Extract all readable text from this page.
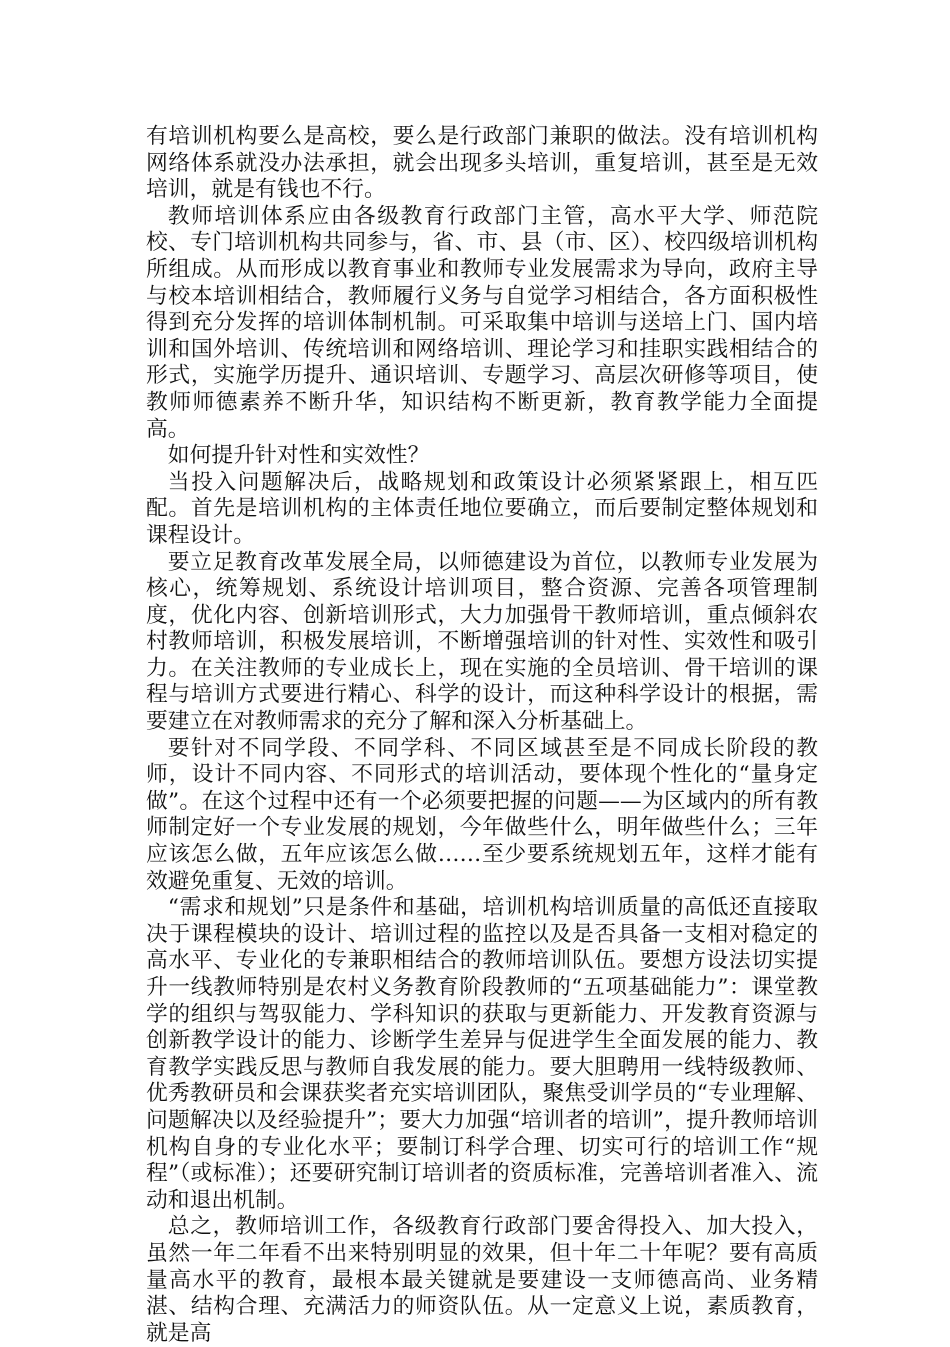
有培训机构要么是高校，要么是行政部门兼职的做法。没有培训机构网络体系就没办法承担，就会出现多头培训，重复培训，甚至是无效培训，就是有钱也不行。

教师培训体系应由各级教育行政部门主管，高水平大学、师范院校、专门培训机构共同参与，省、市、县（市、区）、校四级培训机构所组成。从而形成以教育事业和教师专业发展需求为导向，政府主导与校本培训相结合，教师履行义务与自觉学习相结合，各方面积极性得到充分发挥的培训体制机制。可采取集中培训与送培上门、国内培训和国外培训、传统培训和网络培训、理论学习和挂职实践相结合的形式，实施学历提升、通识培训、专题学习、高层次研修等项目，使教师师德素养不断升华，知识结构不断更新，教育教学能力全面提高。

如何提升针对性和实效性？

当投入问题解决后，战略规划和政策设计必须紧紧跟上，相互匹配。首先是培训机构的主体责任地位要确立，而后要制定整体规划和课程设计。

要立足教育改革发展全局，以师德建设为首位，以教师专业发展为核心，统筹规划、系统设计培训项目，整合资源、完善各项管理制度，优化内容、创新培训形式，大力加强骨干教师培训，重点倾斜农村教师培训，积极发展培训，不断增强培训的针对性、实效性和吸引力。在关注教师的专业成长上，现在实施的全员培训、骨干培训的课程与培训方式要进行精心、科学的设计，而这种科学设计的根据，需要建立在对教师需求的充分了解和深入分析基础上。

要针对不同学段、不同学科、不同区域甚至是不同成长阶段的教师，设计不同内容、不同形式的培训活动，要体现个性化的“量身定做”。在这个过程中还有一个必须要把握的问题——为区域内的所有教师制定好一个专业发展的规划，今年做些什么，明年做些什么；三年应该怎么做，五年应该怎么做……至少要系统规划五年，这样才能有效避免重复、无效的培训。

“需求和规划”只是条件和基础，培训机构培训质量的高低还直接取决于课程模块的设计、培训过程的监控以及是否具备一支相对稳定的高水平、专业化的专兼职相结合的教师培训队伍。要想方设法切实提升一线教师特别是农村义务教育阶段教师的“五项基础能力”：课堂教学的组织与驾驭能力、学科知识的获取与更新能力、开发教育资源与创新教学设计的能力、诊断学生差异与促进学生全面发展的能力、教育教学实践反思与教师自我发展的能力。要大胆聘用一线特级教师、优秀教研员和会课获奖者充实培训团队，聚焦受训学员的“专业理解、问题解决以及经验提升”；要大力加强“培训者的培训”，提升教师培训机构自身的专业化水平；要制订科学合理、切实可行的培训工作“规程”（或标准）；还要研究制订培训者的资质标准，完善培训者准入、流动和退出机制。

总之，教师培训工作，各级教育行政部门要舍得投入、加大投入，虽然一年二年看不出来特别明显的效果，但十年二十年呢？要有高质量高水平的教育，最根本最关键就是要建设一支师德高尚、业务精湛、结构合理、充满活力的师资队伍。从一定意义上说，素质教育，就是高
